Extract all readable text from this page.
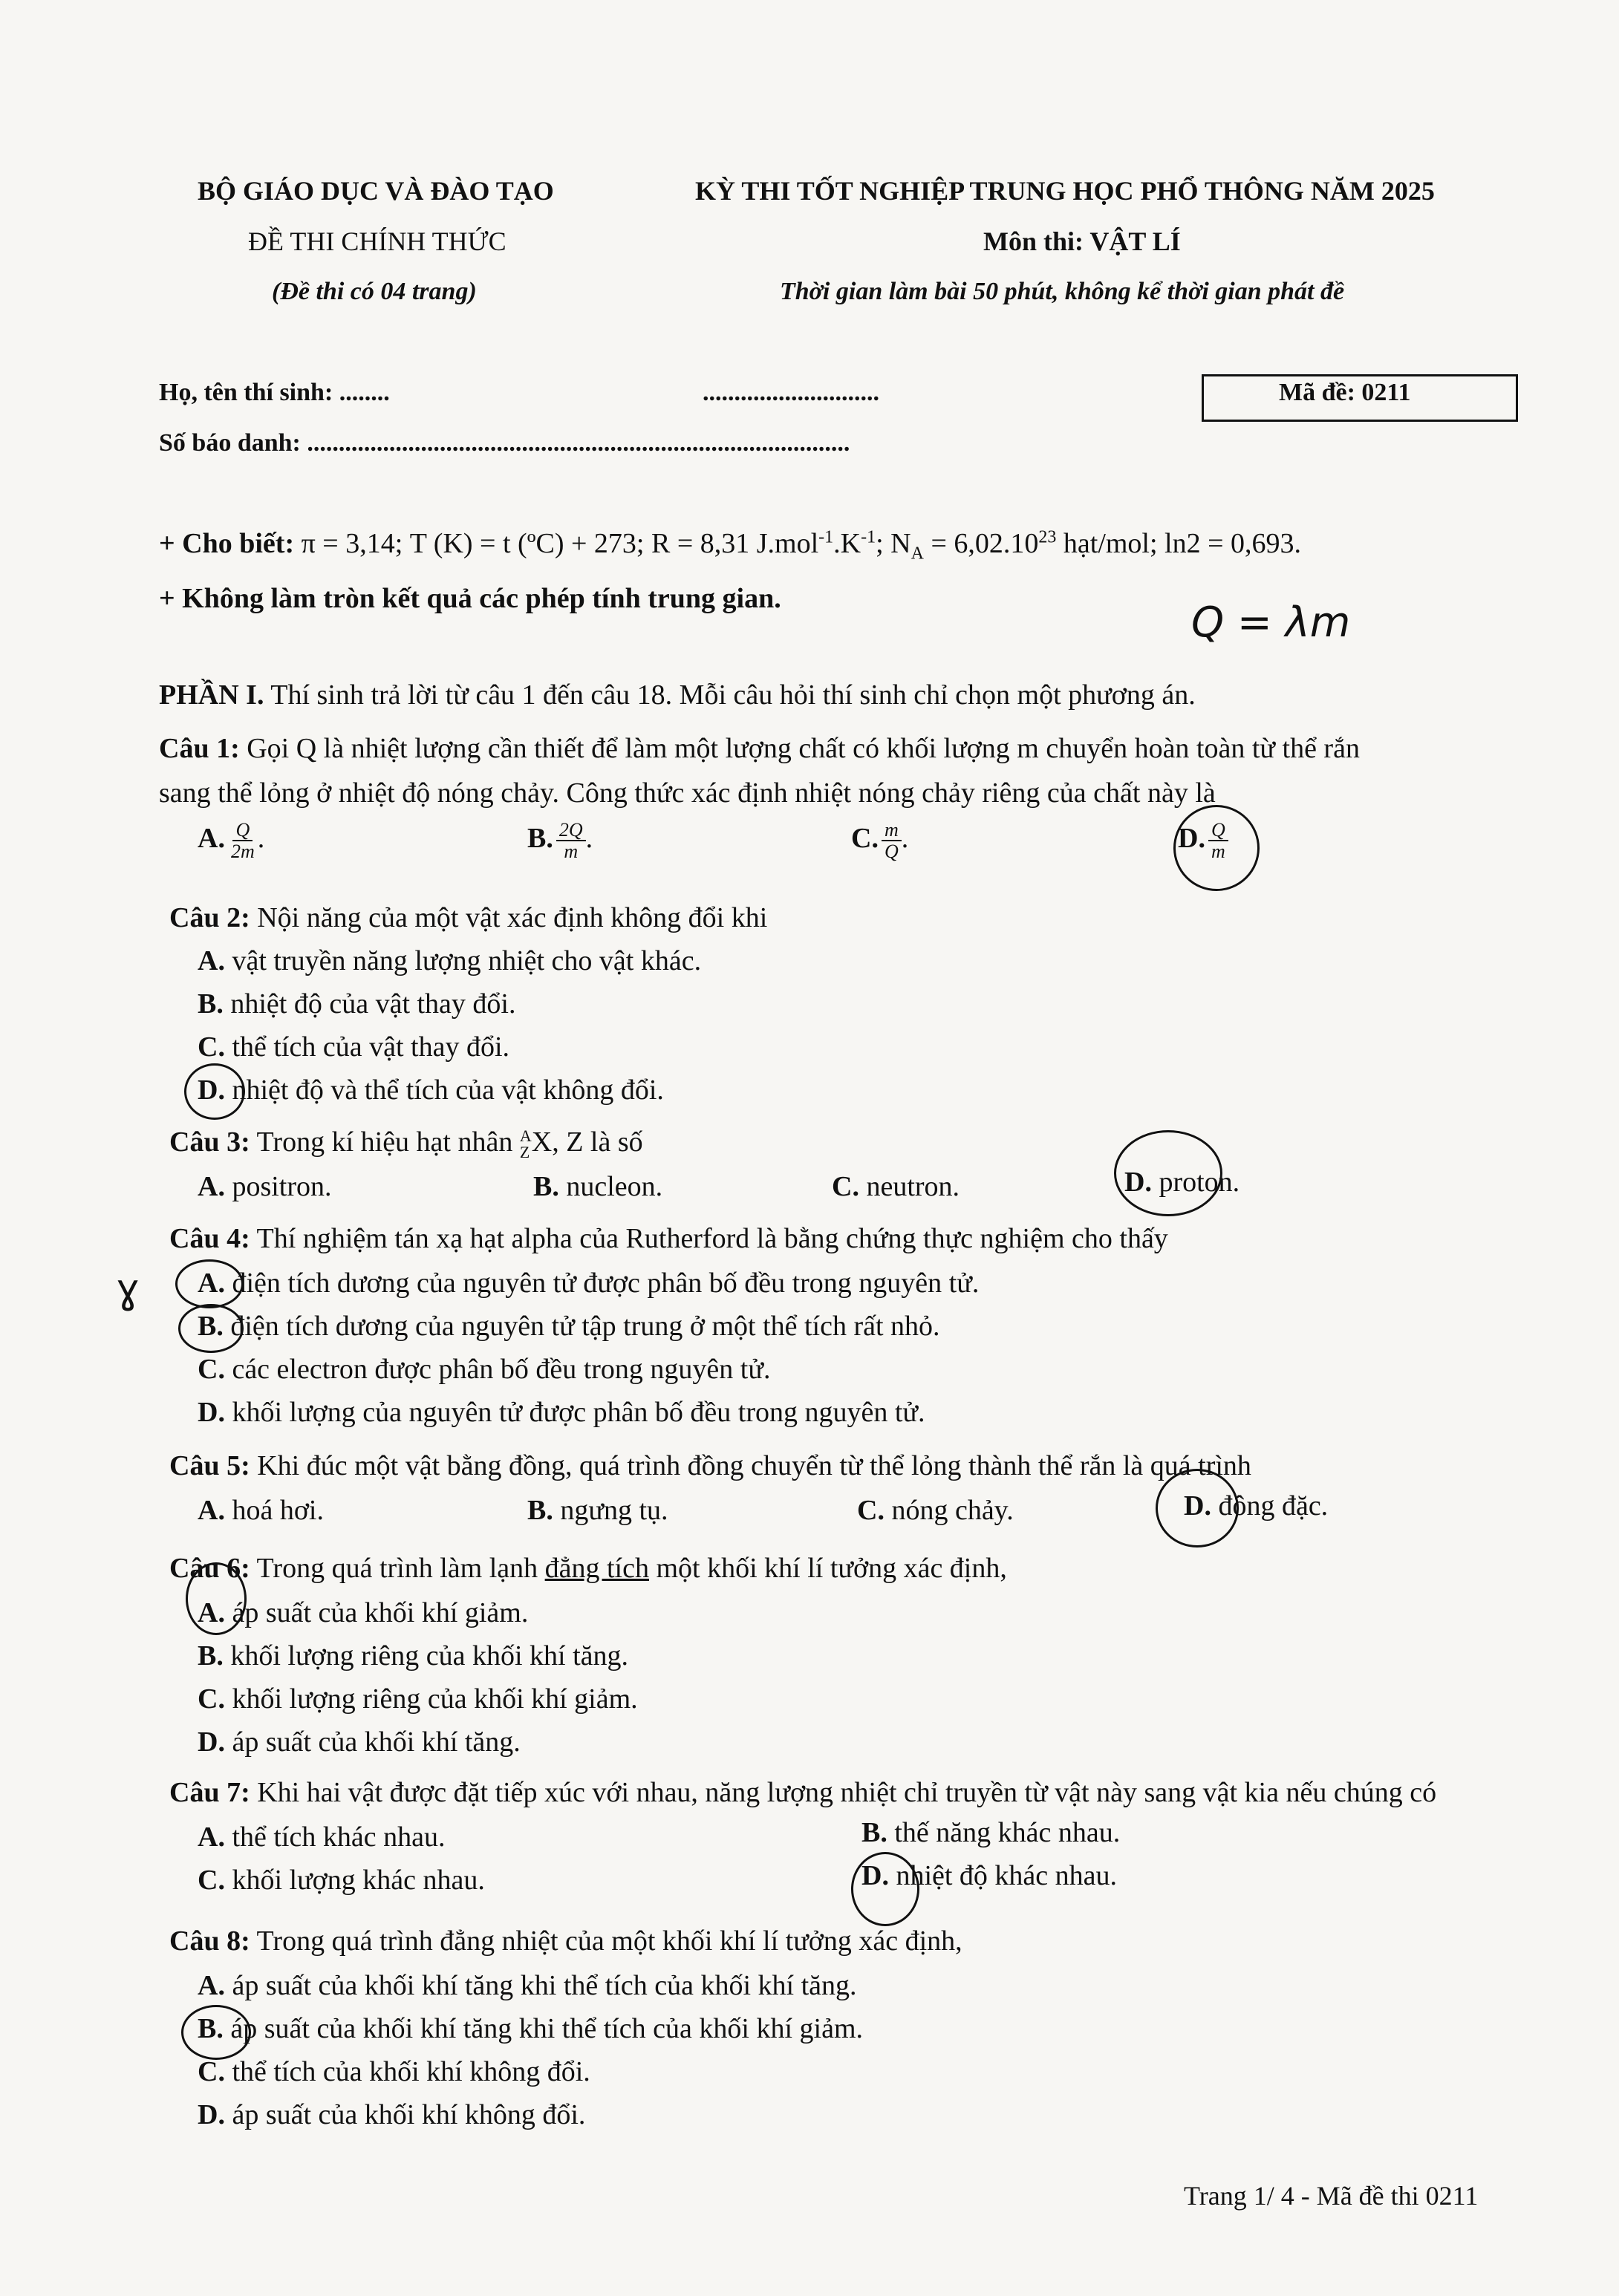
BỘ GIÁO DỤC VÀ ĐÀO TẠO	KỲ THI TỐT NGHIỆP TRUNG HỌC PHỔ THÔNG NĂM 2025
ĐỀ THI CHÍNH THỨC	Môn thi: VẬT LÍ
(Đề thi có 04 trang)	Thời gian làm bài 50 phút, không kể thời gian phát đề
Họ, tên thí sinh: ........	............................	Mã đề: 0211
Số báo danh: ......................................................................................
+ Cho biết: π = 3,14; T (K) = t (ºC) + 273; R = 8,31 $J.mol^{-1}.K^{-1}$; $N_A = 6,02.10^{23}$ hạt/mol; ln2 = 0,693.
+ Không làm tròn kết quả các phép tính trung gian.	Q = λm
PHẦN I. Thí sinh trả lời từ câu 1 đến câu 18. Mỗi câu hỏi thí sinh chỉ chọn một phương án.
Câu 1: Gọi Q là nhiệt lượng cần thiết để làm một lượng chất có khối lượng m chuyển hoàn toàn từ thể rắn
sang thể lỏng ở nhiệt độ nóng chảy. Công thức xác định nhiệt nóng chảy riêng của chất này là
A. $\frac{Q}{2m}$ .	B. $\frac{2Q}{m}$ .	C. $\frac{m}{Q}$ .	D. $\frac{Q}{m}$
Câu 2: Nội năng của một vật xác định không đổi khi
A. vật truyền năng lượng nhiệt cho vật khác.
B. nhiệt độ của vật thay đổi.
C. thể tích của vật thay đổi.
D. nhiệt độ và thể tích của vật không đổi.
Câu 3: Trong kí hiệu hạt nhân A
Z X, Z là số
A. positron.	B. nucleon.	C. neutron.	D. proton.
Câu 4: Thí nghiệm tán xạ hạt alpha của Rutherford là bằng chứng thực nghiệm cho thấy
ɣ A. điện tích dương của nguyên tử được phân bố đều trong nguyên tử.
B. điện tích dương của nguyên tử tập trung ở một thể tích rất nhỏ.
C. các electron được phân bố đều trong nguyên tử.
D. khối lượng của nguyên tử được phân bố đều trong nguyên tử.
Câu 5: Khi đúc một vật bằng đồng, quá trình đồng chuyển từ thể lỏng thành thể rắn là quá trình
A. hoá hơi.	B. ngưng tụ.	C. nóng chảy.	D. đông đặc.
Câu 6: Trong quá trình làm lạnh đẳng tích một khối khí lí tưởng xác định,
A. áp suất của khối khí giảm.
B. khối lượng riêng của khối khí tăng.
C. khối lượng riêng của khối khí giảm.
D. áp suất của khối khí tăng.
Câu 7: Khi hai vật được đặt tiếp xúc với nhau, năng lượng nhiệt chỉ truyền từ vật này sang vật kia nếu chúng có
A. thể tích khác nhau.	B. thế năng khác nhau.
C. khối lượng khác nhau.	D. nhiệt độ khác nhau.
Câu 8: Trong quá trình đẳng nhiệt của một khối khí lí tưởng xác định,
A. áp suất của khối khí tăng khi thể tích của khối khí tăng.
B. áp suất của khối khí tăng khi thể tích của khối khí giảm.
C. thể tích của khối khí không đổi.
D. áp suất của khối khí không đổi.
Trang 1/ 4 - Mã đề thi 0211
